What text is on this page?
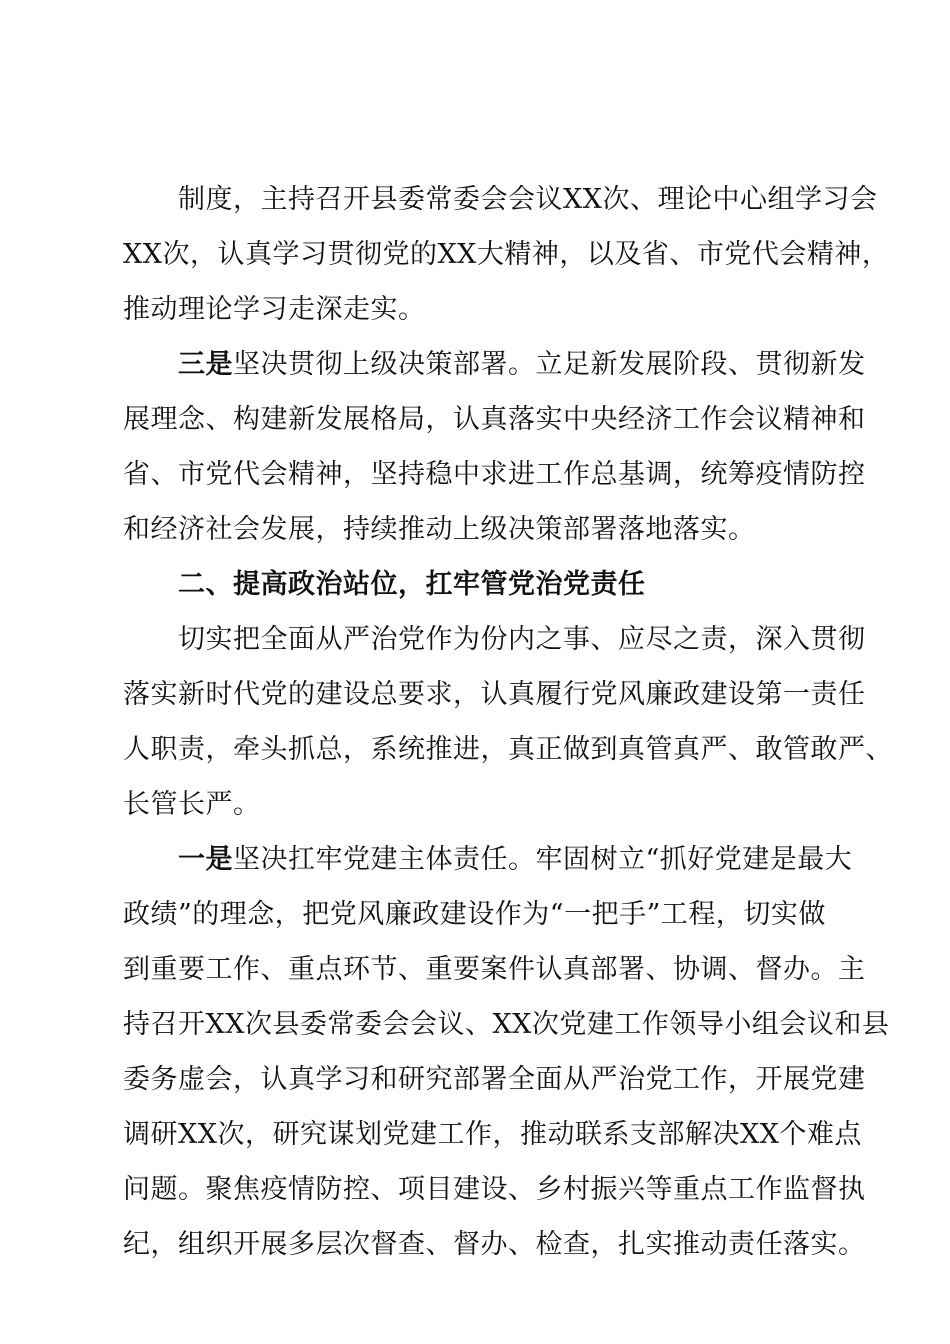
制度，主持召开县委常委会会议XX次、理论中心组学习会
XX次，认真学习贯彻党的XX大精神，以及省、市党代会精神，
推动理论学习走深走实。
三是坚决贯彻上级决策部署。立足新发展阶段、贯彻新发
展理念、构建新发展格局，认真落实中央经济工作会议精神和
省、市党代会精神，坚持稳中求进工作总基调，统筹疫情防控
和经济社会发展，持续推动上级决策部署落地落实。
二、提高政治站位，扛牢管党治党责任
切实把全面从严治党作为份内之事、应尽之责，深入贯彻
落实新时代党的建设总要求，认真履行党风廉政建设第一责任
人职责，牵头抓总，系统推进，真正做到真管真严、敢管敢严、
长管长严。
一是坚决扛牢党建主体责任。牢固树立“抓好党建是最大
政绩”的理念，把党风廉政建设作为“一把手”工程，切实做
到重要工作、重点环节、重要案件认真部署、协调、督办。主
持召开XX次县委常委会会议、XX次党建工作领导小组会议和县
委务虚会，认真学习和研究部署全面从严治党工作，开展党建
调研XX次，研究谋划党建工作，推动联系支部解决XX个难点
问题。聚焦疫情防控、项目建设、乡村振兴等重点工作监督执
纪，组织开展多层次督查、督办、检查，扎实推动责任落实。
